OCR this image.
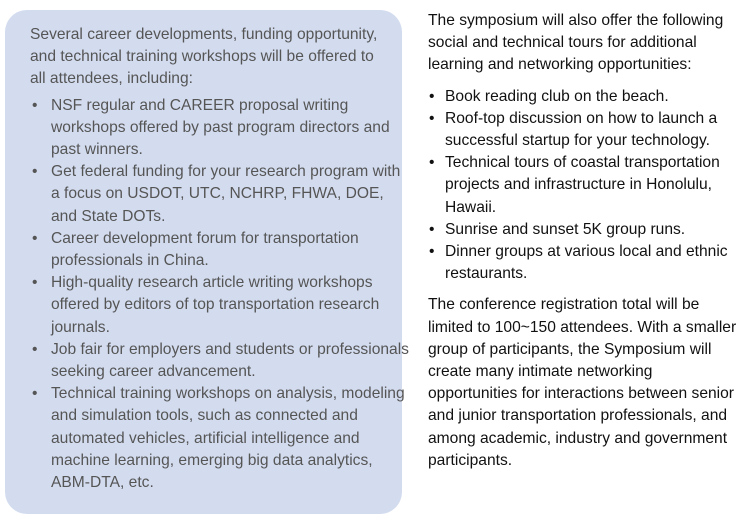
Several career developments, funding opportunity, and technical training workshops will be offered to all attendees, including:

• NSF regular and CAREER proposal writing workshops offered by past program directors and past winners.
• Get federal funding for your research program with a focus on USDOT, UTC, NCHRP, FHWA, DOE, and State DOTs.
• Career development forum for transportation professionals in China.
• High-quality research article writing workshops offered by editors of top transportation research journals.
• Job fair for employers and students or professionals seeking career advancement.
• Technical training workshops on analysis, modeling and simulation tools, such as connected and automated vehicles, artificial intelligence and machine learning, emerging big data analytics, ABM-DTA, etc.

The symposium will also offer the following social and technical tours for additional learning and networking opportunities:

• Book reading club on the beach.
• Roof-top discussion on how to launch a successful startup for your technology.
• Technical tours of coastal transportation projects and infrastructure in Honolulu, Hawaii.
• Sunrise and sunset 5K group runs.
• Dinner groups at various local and ethnic restaurants.

The conference registration total will be limited to 100~150 attendees. With a smaller group of participants, the Symposium will create many intimate networking opportunities for interactions between senior and junior transportation professionals, and among academic, industry and government participants.
